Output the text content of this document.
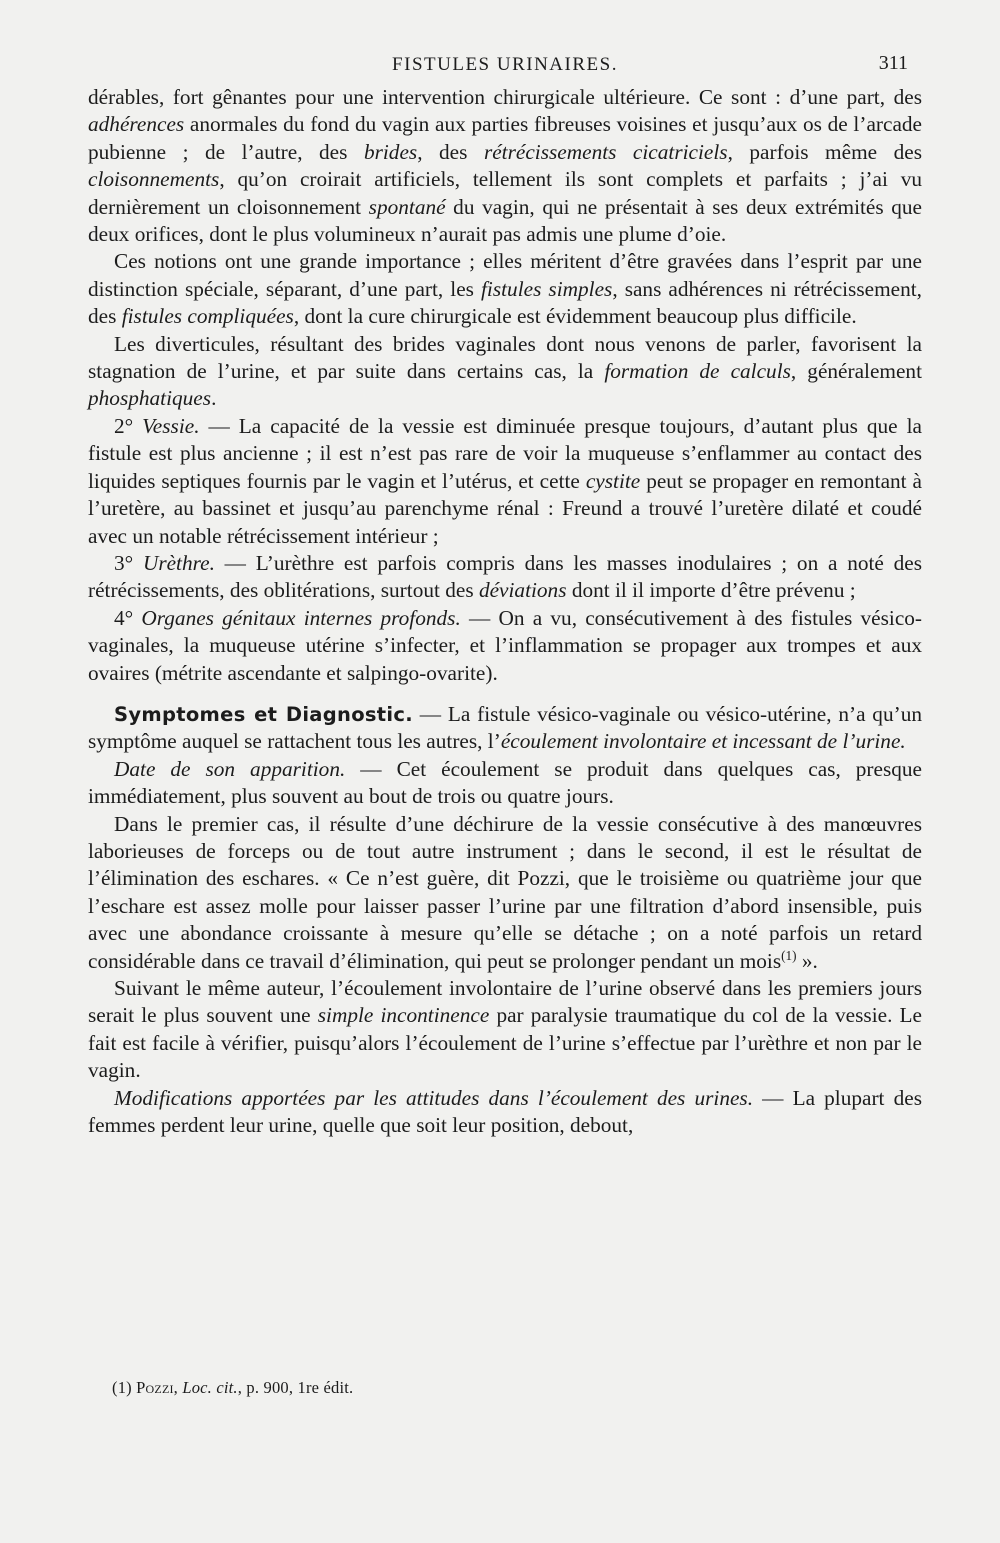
FISTULES URINAIRES.	311

dérables, fort gênantes pour une intervention chirurgicale ultérieure. Ce sont : d’une part, des adhérences anormales du fond du vagin aux parties fibreuses voisines et jusqu’aux os de l’arcade pubienne ; de l’autre, des brides, des rétrécissements cicatriciels, parfois même des cloisonnements, qu’on croirait artificiels, tellement ils sont complets et parfaits ; j’ai vu dernièrement un cloisonnement spontané du vagin, qui ne présentait à ses deux extrémités que deux orifices, dont le plus volumineux n’aurait pas admis une plume d’oie.

Ces notions ont une grande importance ; elles méritent d’être gravées dans l’esprit par une distinction spéciale, séparant, d’une part, les fistules simples, sans adhérences ni rétrécissement, des fistules compliquées, dont la cure chirurgicale est évidemment beaucoup plus difficile.

Les diverticules, résultant des brides vaginales dont nous venons de parler, favorisent la stagnation de l’urine, et par suite dans certains cas, la formation de calculs, généralement phosphatiques.

2° Vessie. — La capacité de la vessie est diminuée presque toujours, d’autant plus que la fistule est plus ancienne ; il est n’est pas rare de voir la muqueuse s’enflammer au contact des liquides septiques fournis par le vagin et l’utérus, et cette cystite peut se propager en remontant à l’uretère, au bassinet et jusqu’au parenchyme rénal : Freund a trouvé l’uretère dilaté et coudé avec un notable rétrécissement intérieur ;

3° Urèthre. — L’urèthre est parfois compris dans les masses inodulaires ; on a noté des rétrécissements, des oblitérations, surtout des déviations dont il il importe d’être prévenu ;

4° Organes génitaux internes profonds. — On a vu, consécutivement à des fistules vésico-vaginales, la muqueuse utérine s’infecter, et l’inflammation se propager aux trompes et aux ovaires (métrite ascendante et salpingo-ovarite).

Symptomes et Diagnostic. — La fistule vésico-vaginale ou vésico-utérine, n’a qu’un symptôme auquel se rattachent tous les autres, l’écoulement involontaire et incessant de l’urine.

Date de son apparition. — Cet écoulement se produit dans quelques cas, presque immédiatement, plus souvent au bout de trois ou quatre jours.

Dans le premier cas, il résulte d’une déchirure de la vessie consécutive à des manœuvres laborieuses de forceps ou de tout autre instrument ; dans le second, il est le résultat de l’élimination des eschares. « Ce n’est guère, dit Pozzi, que le troisième ou quatrième jour que l’eschare est assez molle pour laisser passer l’urine par une filtration d’abord insensible, puis avec une abondance croissante à mesure qu’elle se détache ; on a noté parfois un retard considérable dans ce travail d’élimination, qui peut se prolonger pendant un mois$^{(1)}$ ».

Suivant le même auteur, l’écoulement involontaire de l’urine observé dans les premiers jours serait le plus souvent une simple incontinence par paralysie traumatique du col de la vessie. Le fait est facile à vérifier, puisqu’alors l’écoulement de l’urine s’effectue par l’urèthre et non par le vagin.

Modifications apportées par les attitudes dans l’écoulement des urines. — La plupart des femmes perdent leur urine, quelle que soit leur position, debout,

(1) Pozzi, Loc. cit., p. 900, 1re édit.
